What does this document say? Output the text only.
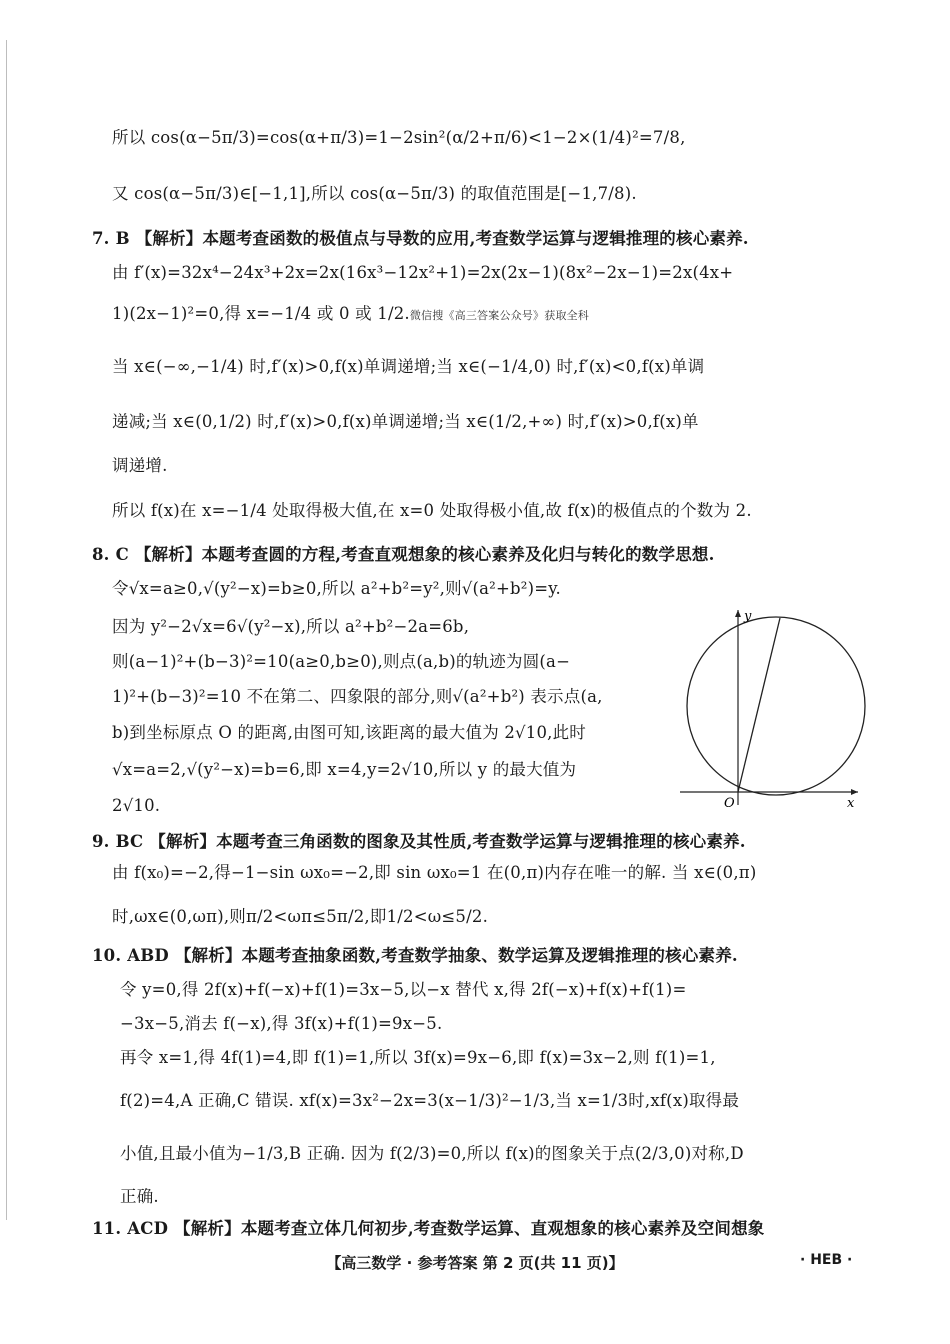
所以 cos(α−5π/3)=cos(α+π/3)=1−2sin²(α/2+π/6)<1−2×(1/4)²=7/8,
又 cos(α−5π/3)∈[−1,1],所以 cos(α−5π/3) 的取值范围是[−1,7/8).
7. B 【解析】本题考查函数的极值点与导数的应用,考查数学运算与逻辑推理的核心素养.
由 f′(x)=32x⁴−24x³+2x=2x(16x³−12x²+1)=2x(2x−1)(8x²−2x−1)=2x(4x+
1)(2x−1)²=0,得 x=−1/4 或 0 或 1/2.微信搜《高三答案公众号》获取全科
当 x∈(−∞,−1/4) 时,f′(x)>0,f(x)单调递增;当 x∈(−1/4,0) 时,f′(x)<0,f(x)单调
递减;当 x∈(0,1/2) 时,f′(x)>0,f(x)单调递增;当 x∈(1/2,+∞) 时,f′(x)>0,f(x)单
调递增.
所以 f(x)在 x=−1/4 处取得极大值,在 x=0 处取得极小值,故 f(x)的极值点的个数为 2.
8. C 【解析】本题考查圆的方程,考查直观想象的核心素养及化归与转化的数学思想.
令√x=a≥0,√(y²−x)=b≥0,所以 a²+b²=y²,则√(a²+b²)=y.
因为 y²−2√x=6√(y²−x),所以 a²+b²−2a=6b,
则(a−1)²+(b−3)²=10(a≥0,b≥0),则点(a,b)的轨迹为圆(a−
1)²+(b−3)²=10 不在第二、四象限的部分,则√(a²+b²) 表示点(a,
b)到坐标原点 O 的距离,由图可知,该距离的最大值为 2√10,此时
√x=a=2,√(y²−x)=b=6,即 x=4,y=2√10,所以 y 的最大值为
2√10.
y
x
O
9. BC 【解析】本题考查三角函数的图象及其性质,考查数学运算与逻辑推理的核心素养.
由 f(x₀)=−2,得−1−sin ωx₀=−2,即 sin ωx₀=1 在(0,π)内存在唯一的解. 当 x∈(0,π)
时,ωx∈(0,ωπ),则π/2<ωπ≤5π/2,即1/2<ω≤5/2.
10. ABD 【解析】本题考查抽象函数,考查数学抽象、数学运算及逻辑推理的核心素养.
令 y=0,得 2f(x)+f(−x)+f(1)=3x−5,以−x 替代 x,得 2f(−x)+f(x)+f(1)=
−3x−5,消去 f(−x),得 3f(x)+f(1)=9x−5.
再令 x=1,得 4f(1)=4,即 f(1)=1,所以 3f(x)=9x−6,即 f(x)=3x−2,则 f(1)=1,
f(2)=4,A 正确,C 错误. xf(x)=3x²−2x=3(x−1/3)²−1/3,当 x=1/3时,xf(x)取得最
小值,且最小值为−1/3,B 正确. 因为 f(2/3)=0,所以 f(x)的图象关于点(2/3,0)对称,D
正确.
11. ACD 【解析】本题考查立体几何初步,考查数学运算、直观想象的核心素养及空间想象
【高三数学 · 参考答案 第 2 页(共 11 页)】	· HEB ·
